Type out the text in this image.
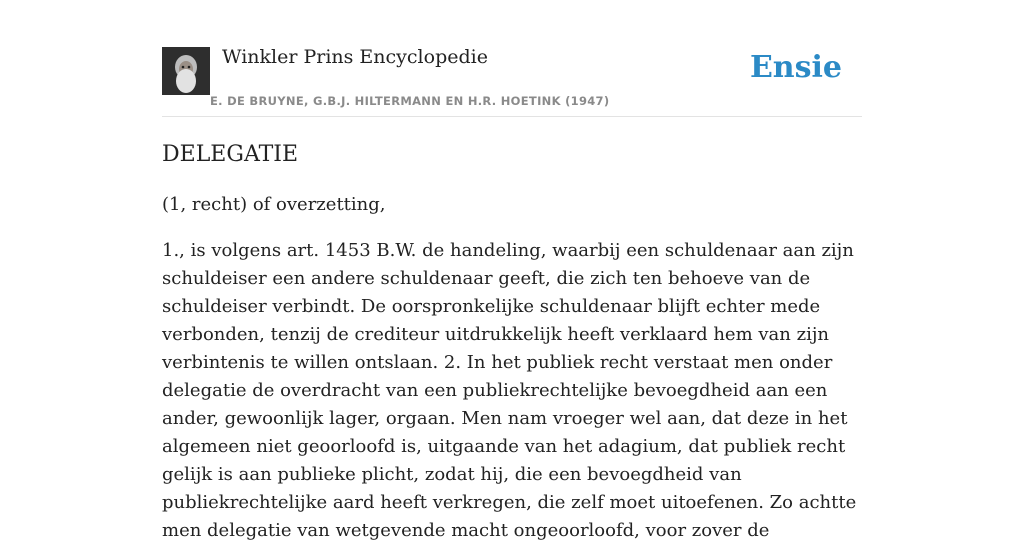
Winkler Prins Encyclopedie
E. DE BRUYNE, G.B.J. HILTERMANN EN H.R. HOETINK (1947)
Ensie
DELEGATIE

(1, recht) of overzetting,

1., is volgens art. 1453 B.W. de handeling, waarbij een schuldenaar aan zijn schuldeiser een andere schuldenaar geeft, die zich ten behoeve van de schuldeiser verbindt. De oorspronkelijke schuldenaar blijft echter mede verbonden, tenzij de crediteur uitdrukkelijk heeft verklaard hem van zijn verbintenis te willen ontslaan. 2. In het publiek recht verstaat men onder delegatie de overdracht van een publiekrechtelijke bevoegdheid aan een ander, gewoonlijk lager, orgaan. Men nam vroeger wel aan, dat deze in het algemeen niet geoorloofd is, uitgaande van het adagium, dat publiek recht gelijk is aan publieke plicht, zodat hij, die een bevoegdheid van publiekrechtelijke aard heeft verkregen, die zelf moet uitoefenen. Zo achtte men delegatie van wetgevende macht ongeoorloofd, voor zover de
